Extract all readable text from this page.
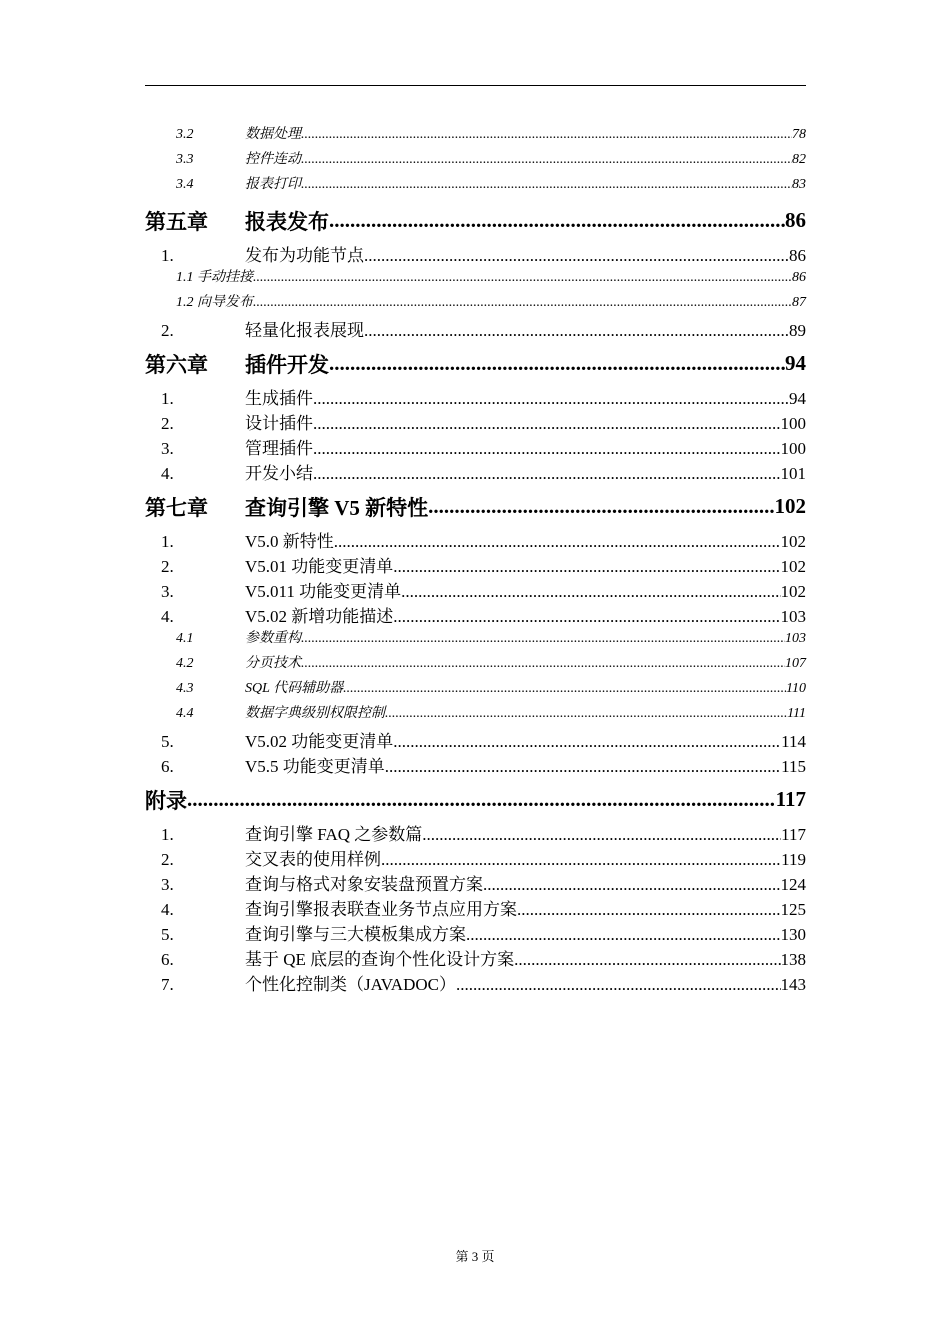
3.2	数据处理 .....	78
3.3	控件连动 .....	82
3.4	报表打印 .....	83
第五章	报表发布 .....	86
1.	发布为功能节点 .....	86
1.1 手动挂接 .....	86
1.2 向导发布 .....	87
2.	轻量化报表展现 .....	89
第六章	插件开发 .....	94
1.	生成插件 .....	94
2.	设计插件 .....	100
3.	管理插件 .....	100
4.	开发小结 .....	101
第七章	查询引擎 V5 新特性 .....	102
1.	V5.0 新特性 .....	102
2.	V5.01 功能变更清单 .....	102
3.	V5.011 功能变更清单 .....	102
4.	V5.02 新增功能描述 .....	103
4.1	参数重构 .....	103
4.2	分页技术 .....	107
4.3	SQL 代码辅助器 .....	110
4.4	数据字典级别权限控制 .....	111
5.	V5.02 功能变更清单 .....	114
6.	V5.5 功能变更清单 .....	115
附录 .....	117
1.	查询引擎 FAQ 之参数篇 .....	117
2.	交叉表的使用样例 .....	119
3.	查询与格式对象安装盘预置方案 .....	124
4.	查询引擎报表联查业务节点应用方案 .....	125
5.	查询引擎与三大模板集成方案 .....	130
6.	基于 QE 底层的查询个性化设计方案 .....	138
7.	个性化控制类（JAVADOC） .....	143
第 3 页
